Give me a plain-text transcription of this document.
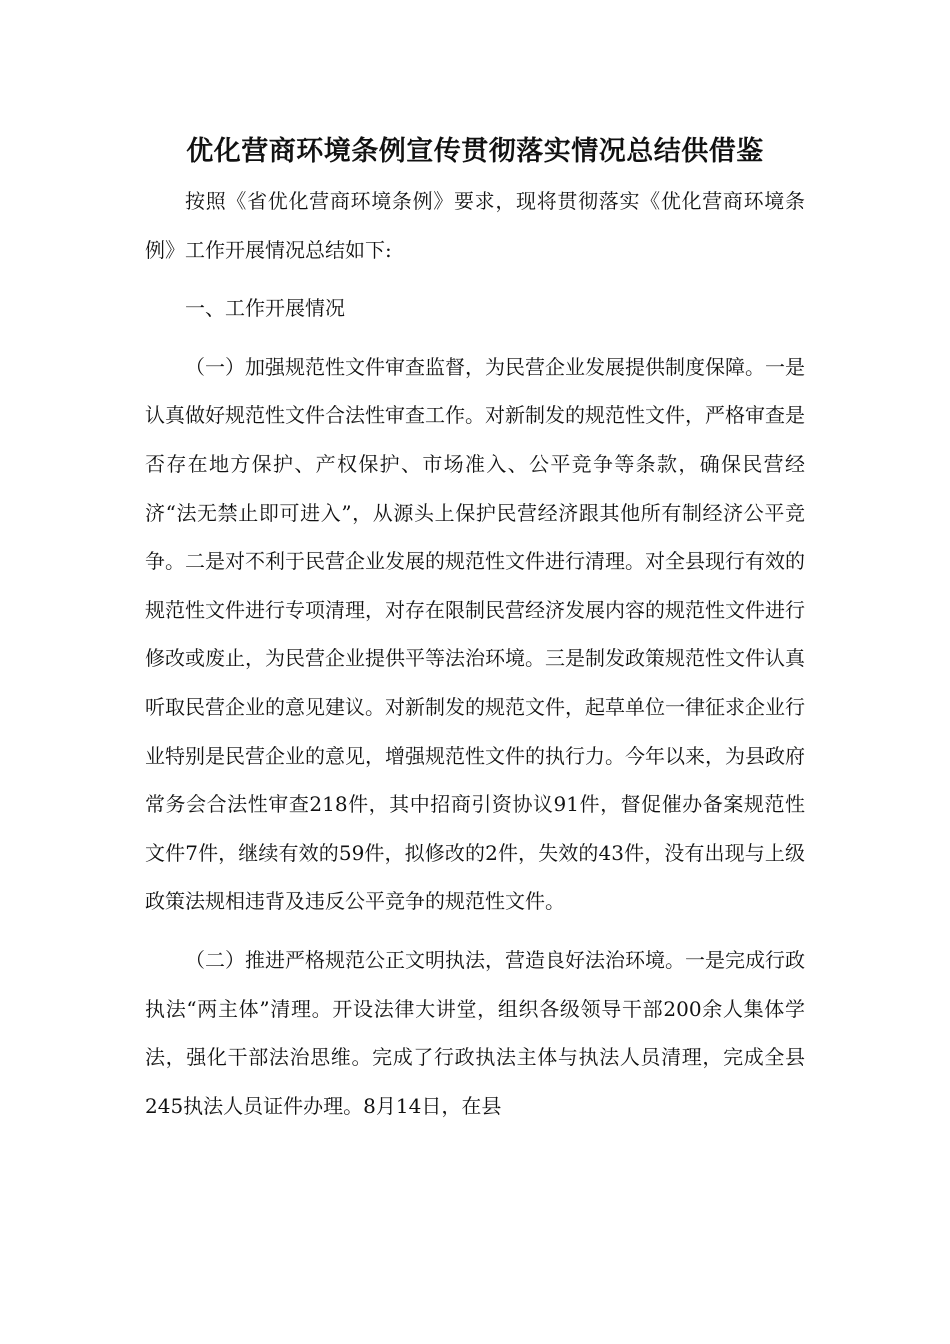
优化营商环境条例宣传贯彻落实情况总结供借鉴

按照《省优化营商环境条例》要求，现将贯彻落实《优化营商环境条例》工作开展情况总结如下:

一、工作开展情况

（一）加强规范性文件审查监督，为民营企业发展提供制度保障。一是认真做好规范性文件合法性审查工作。对新制发的规范性文件，严格审查是否存在地方保护、产权保护、市场准入、公平竞争等条款，确保民营经济“法无禁止即可进入”，从源头上保护民营经济跟其他所有制经济公平竞争。二是对不利于民营企业发展的规范性文件进行清理。对全县现行有效的规范性文件进行专项清理，对存在限制民营经济发展内容的规范性文件进行修改或废止，为民营企业提供平等法治环境。三是制发政策规范性文件认真听取民营企业的意见建议。对新制发的规范文件，起草单位一律征求企业行业特别是民营企业的意见，增强规范性文件的执行力。今年以来，为县政府常务会合法性审查218件，其中招商引资协议91件，督促催办备案规范性文件7件，继续有效的59件，拟修改的2件，失效的43件，没有出现与上级政策法规相违背及违反公平竞争的规范性文件。

（二）推进严格规范公正文明执法，营造良好法治环境。一是完成行政执法“两主体”清理。开设法律大讲堂，组织各级领导干部200余人集体学法，强化干部法治思维。完成了行政执法主体与执法人员清理，完成全县245执法人员证件办理。8月14日，在县
